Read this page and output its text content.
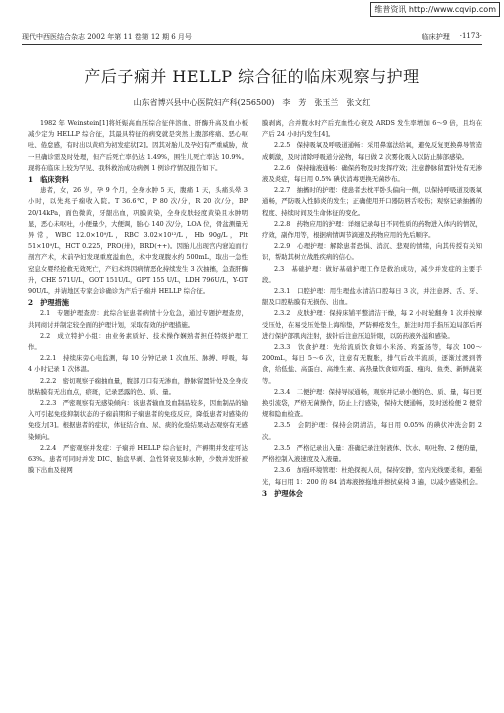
维普资讯 http://www.cqvip.com
现代中西医结合杂志 2002 年第 11 卷第 12 期 6 月号	临床护理 ·1173·
产后子痫并 HELLP 综合征的临床观察与护理
山东省博兴县中心医院妇产科(256500)　李　芳　张玉兰　张文红

1982 年 Weinstein[1]将妊娠高血压综合征伴溶血、肝酶升高及血小板减少定为 HELLP 综合征，其最具特征的病变就是突然上腹部疼痛、恶心呕吐、倦怠感，有时出以黄疸为初发症状[2]。因其对胎儿及孕妇有严重威胁，故一旦确诊需及时处理，但产后死亡率仍达 1.49%，围生儿死亡率达 10.9%。现将在临床上较为罕见、我科救治成功病例 1 例诊疗情况报告如下。

1　临床资料

患者，女，26 岁，孕 9 个月，全身水肿 5 天，腹痛 1 天，头痛头晕 3 小时，以先兆子痫收入院。T 36.6℃，P 80 次/分，R 20 次/分，BP 20/14kPa，面色微黄，牙龈出血，巩膜黄染，全身皮肤轻度黄染且水肿明显，恶心未呕吐，小便量少，大便调，胎心 140 次/分，LOA 位，骨盆测量无异常，WBC 12.0×10⁹/L，RBC 3.02×10¹²/L，Hb 90g/L，Plt 51×10⁹/L，HCT 0.225，PRO(卅)，BRD(++)。因胎儿出现宫内窘迫而行剖宫产术，术前孕妇发现重度溢血色，术中发现腹水约 500mL，取出一急性窒息女婴经抢救无效死亡，产妇术终因病情恶化持续发生 3 次抽搐，急查肝酶升，CHE 571U/L，GOT 151U/L，GPT 155 U/L，LDH 796U/L，Y-GT 90U/L，并请地区专家会诊确诊为产后子痫并 HELLP 综合征。

2　护理措施

2.1　专题护理查房：此综合征患者病情十分危急，通过专题护理查房，共同商讨并制定较全面的护理计划，采取有效的护理措施。

2.2　成立特护小组：由业务素质好、技术操作娴熟者担任特级护理工作。

2.2.1　持续床旁心电监测，每 10 分钟记录 1 次血压、脉搏、呼吸，每 4 小时记录 1 次体温。

2.2.2　密切观察子痫抽血量，腹部刀口有无渗血，静脉留置针处及全身皮肤粘膜有无出血点，瘀斑，记录恶露的色、质、量。

2.2.3　严密观察有无感染倾向：该患者输血及血制品较多，因血制品的输入可引起免疫抑制状态的子痫前期和子痫患者的免疫反应，降低患者对感染的免疫力[3]。根据患者的症状，体征结合血、尿、痰的化验结果动态观察有无感染倾向。

2.2.4　严密观察并发症：子痫并 HELLP 综合征时，产褥期并发症可达 63%。患者可同时并发 DIC、胎盘早剥、急性肾衰及肺水肿，少数并发肝被膜下出血及视网

膜剥离，合并腹水时产后充血性心衰及 ARDS 发生率增加 6～9 倍，且均在产后 24 小时内发生[4]。

2.2.5　保持吸氧及呼吸道通畅：采用鼻塞法给氧，避免反复更换鼻导管造成刺激，及时清除呼吸道分泌物，每日做 2 次雾化吸入以防止肺部感染。

2.2.6　保持输液通畅：确保药物及时发挥疗效；注意静脉留置针处有无渗液及炎症，每日用 0.5% 碘伏消毒更换无菌纱布。

2.2.7　抽搐时的护理：使患者去枕平卧头偏向一侧，以保持呼吸道及吸氧通畅，严防吸入性肺炎的发生；正确使用开口器防唇舌咬伤；观察记录抽搐的程度、持续时间及生命体征的变化。

2.2.8　药物应用的护理：详细记录每日不同性质的药物进入体内的情况，疗效，副作用等，根据病情调节滴速及药物应用的先后顺序。

2.2.9　心理护理：解除患者恐惧、消沉、悲观的情绪，向其传授有关知识，帮助其树立战胜疾病的信心。

2.3　基础护理：做好基础护理工作是救治成功，减少并发症的主要手段。

2.3.1　口腔护理：用生理盐水清洁口腔每日 3 次，并注意唇、舌、牙、龈及口腔粘膜有无损伤、出血。

2.3.2　皮肤护理：保持床铺平整清洁干燥，每 2 小时轮翻身 1 次并按摩受压处，在易受压处垫上海绵垫，严防褥疮发生，脏注时用手指压迫局部后再进行保护部肌肉注射，拔针后注意压迫针眼，以防药液外溢和感染。

2.3.3　饮食护理：先给流质饮食如小米汤、鸡蛋汤等，每次 100～200mL，每日 5～6 次，注意有无腹胀，排气后改半流质，逐渐过渡到普食，给低盐、高蛋白、高维生素、高热量饮食如鸡蛋、瘦肉、鱼类、新鲜蔬菜等。

2.3.4　二便护理：保持导尿通畅，观察并记录小便的色、质、量，每日更换引流袋，严格无菌操作，防止上行感染，保持大便通畅，及时送检便 2 便常规和隐血检查。

2.3.5　会阴护理：保持会阴清洁，每日用 0.05% 的碘伏冲洗会阴 2 次。

2.3.5　严格记录出入量：准确记录注射液体、饮水、呕吐物、2 便的量，严格控制入液速度及入液量。

2.3.6　加强环境管理：杜绝探视人员，保持安静，室内光线要柔和，避强光，每日用 1：200 的 84 消毒液擦拖地并擦拭桌椅 3 遍，以减少感染机会。

3　护理体会
